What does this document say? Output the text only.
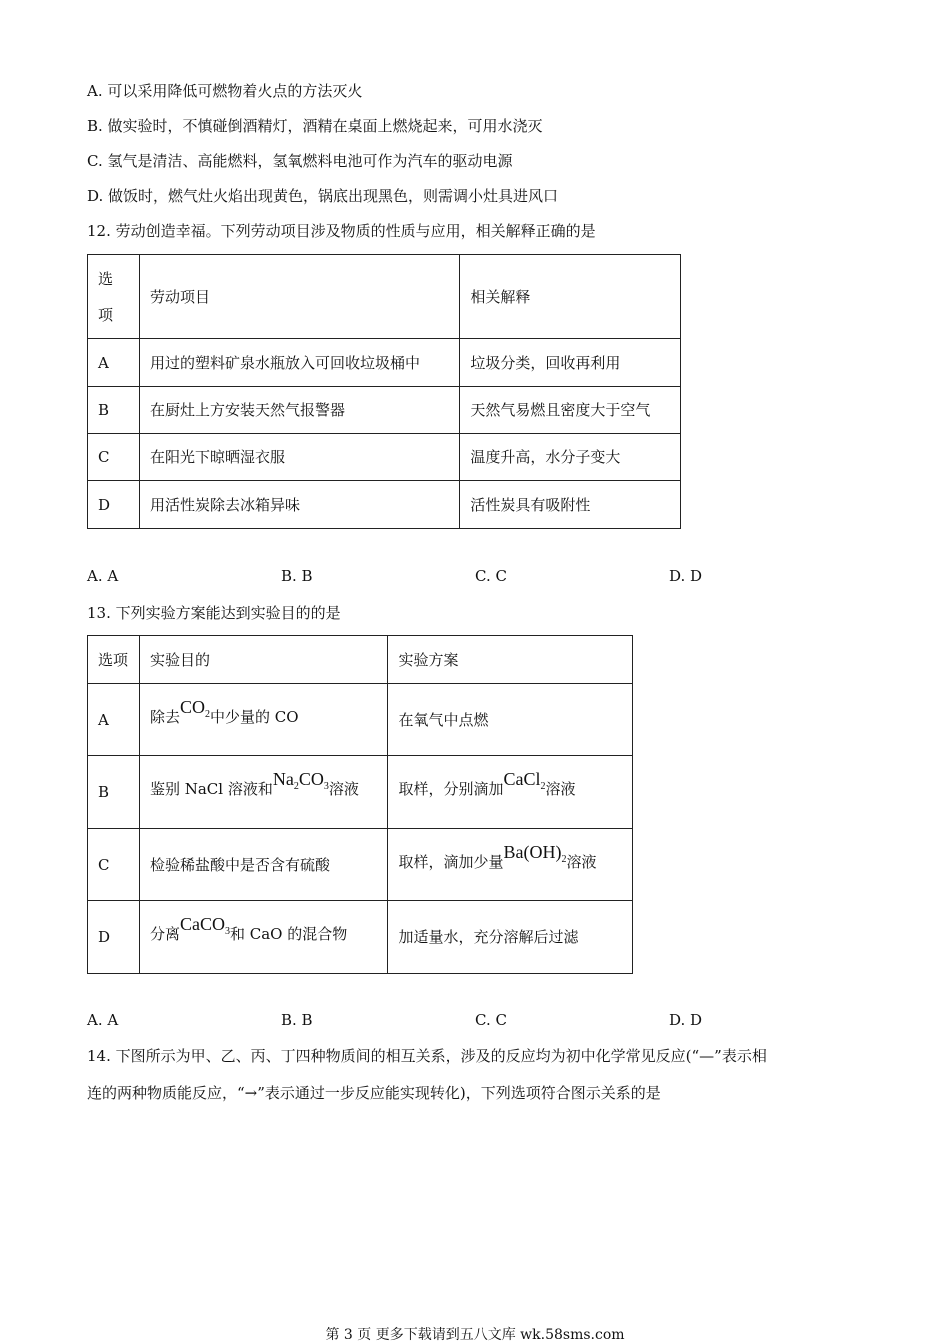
A. 可以采用降低可燃物着火点的方法灭火
B. 做实验时，不慎碰倒酒精灯，酒精在桌面上燃烧起来，可用水浇灭
C. 氢气是清洁、高能燃料，氢氧燃料电池可作为汽车的驱动电源
D. 做饭时，燃气灶火焰出现黄色，锅底出现黑色，则需调小灶具进风口
12. 劳动创造幸福。下列劳动项目涉及物质的性质与应用，相关解释正确的是
选
项	劳动项目	相关解释
A	用过的塑料矿泉水瓶放入可回收垃圾桶中	垃圾分类，回收再利用
B	在厨灶上方安装天然气报警器	天然气易燃且密度大于空气
C	在阳光下晾晒湿衣服	温度升高，水分子变大
D	用活性炭除去冰箱异味	活性炭具有吸附性
A. A	B. B	C. C	D. D
13. 下列实验方案能达到实验目的的是
选项	实验目的	实验方案
A	除去$CO_2$中少量的 CO	在氧气中点燃
B	鉴别 NaCl 溶液和$Na_2CO_3$溶液	取样，分别滴加CaCl$_2$溶液
C	检验稀盐酸中是否含有硫酸	取样，滴加少量$Ba(OH)_2$溶液
D	分离CaCO$_3$和 CaO 的混合物	加适量水，充分溶解后过滤
A. A	B. B	C. C	D. D
14. 下图所示为甲、乙、丙、丁四种物质间的相互关系，涉及的反应均为初中化学常见反应(“—”表示相
连的两种物质能反应，“→”表示通过一步反应能实现转化)，下列选项符合图示关系的是
第 3 页 更多下载请到五八文库 wk.58sms.com
